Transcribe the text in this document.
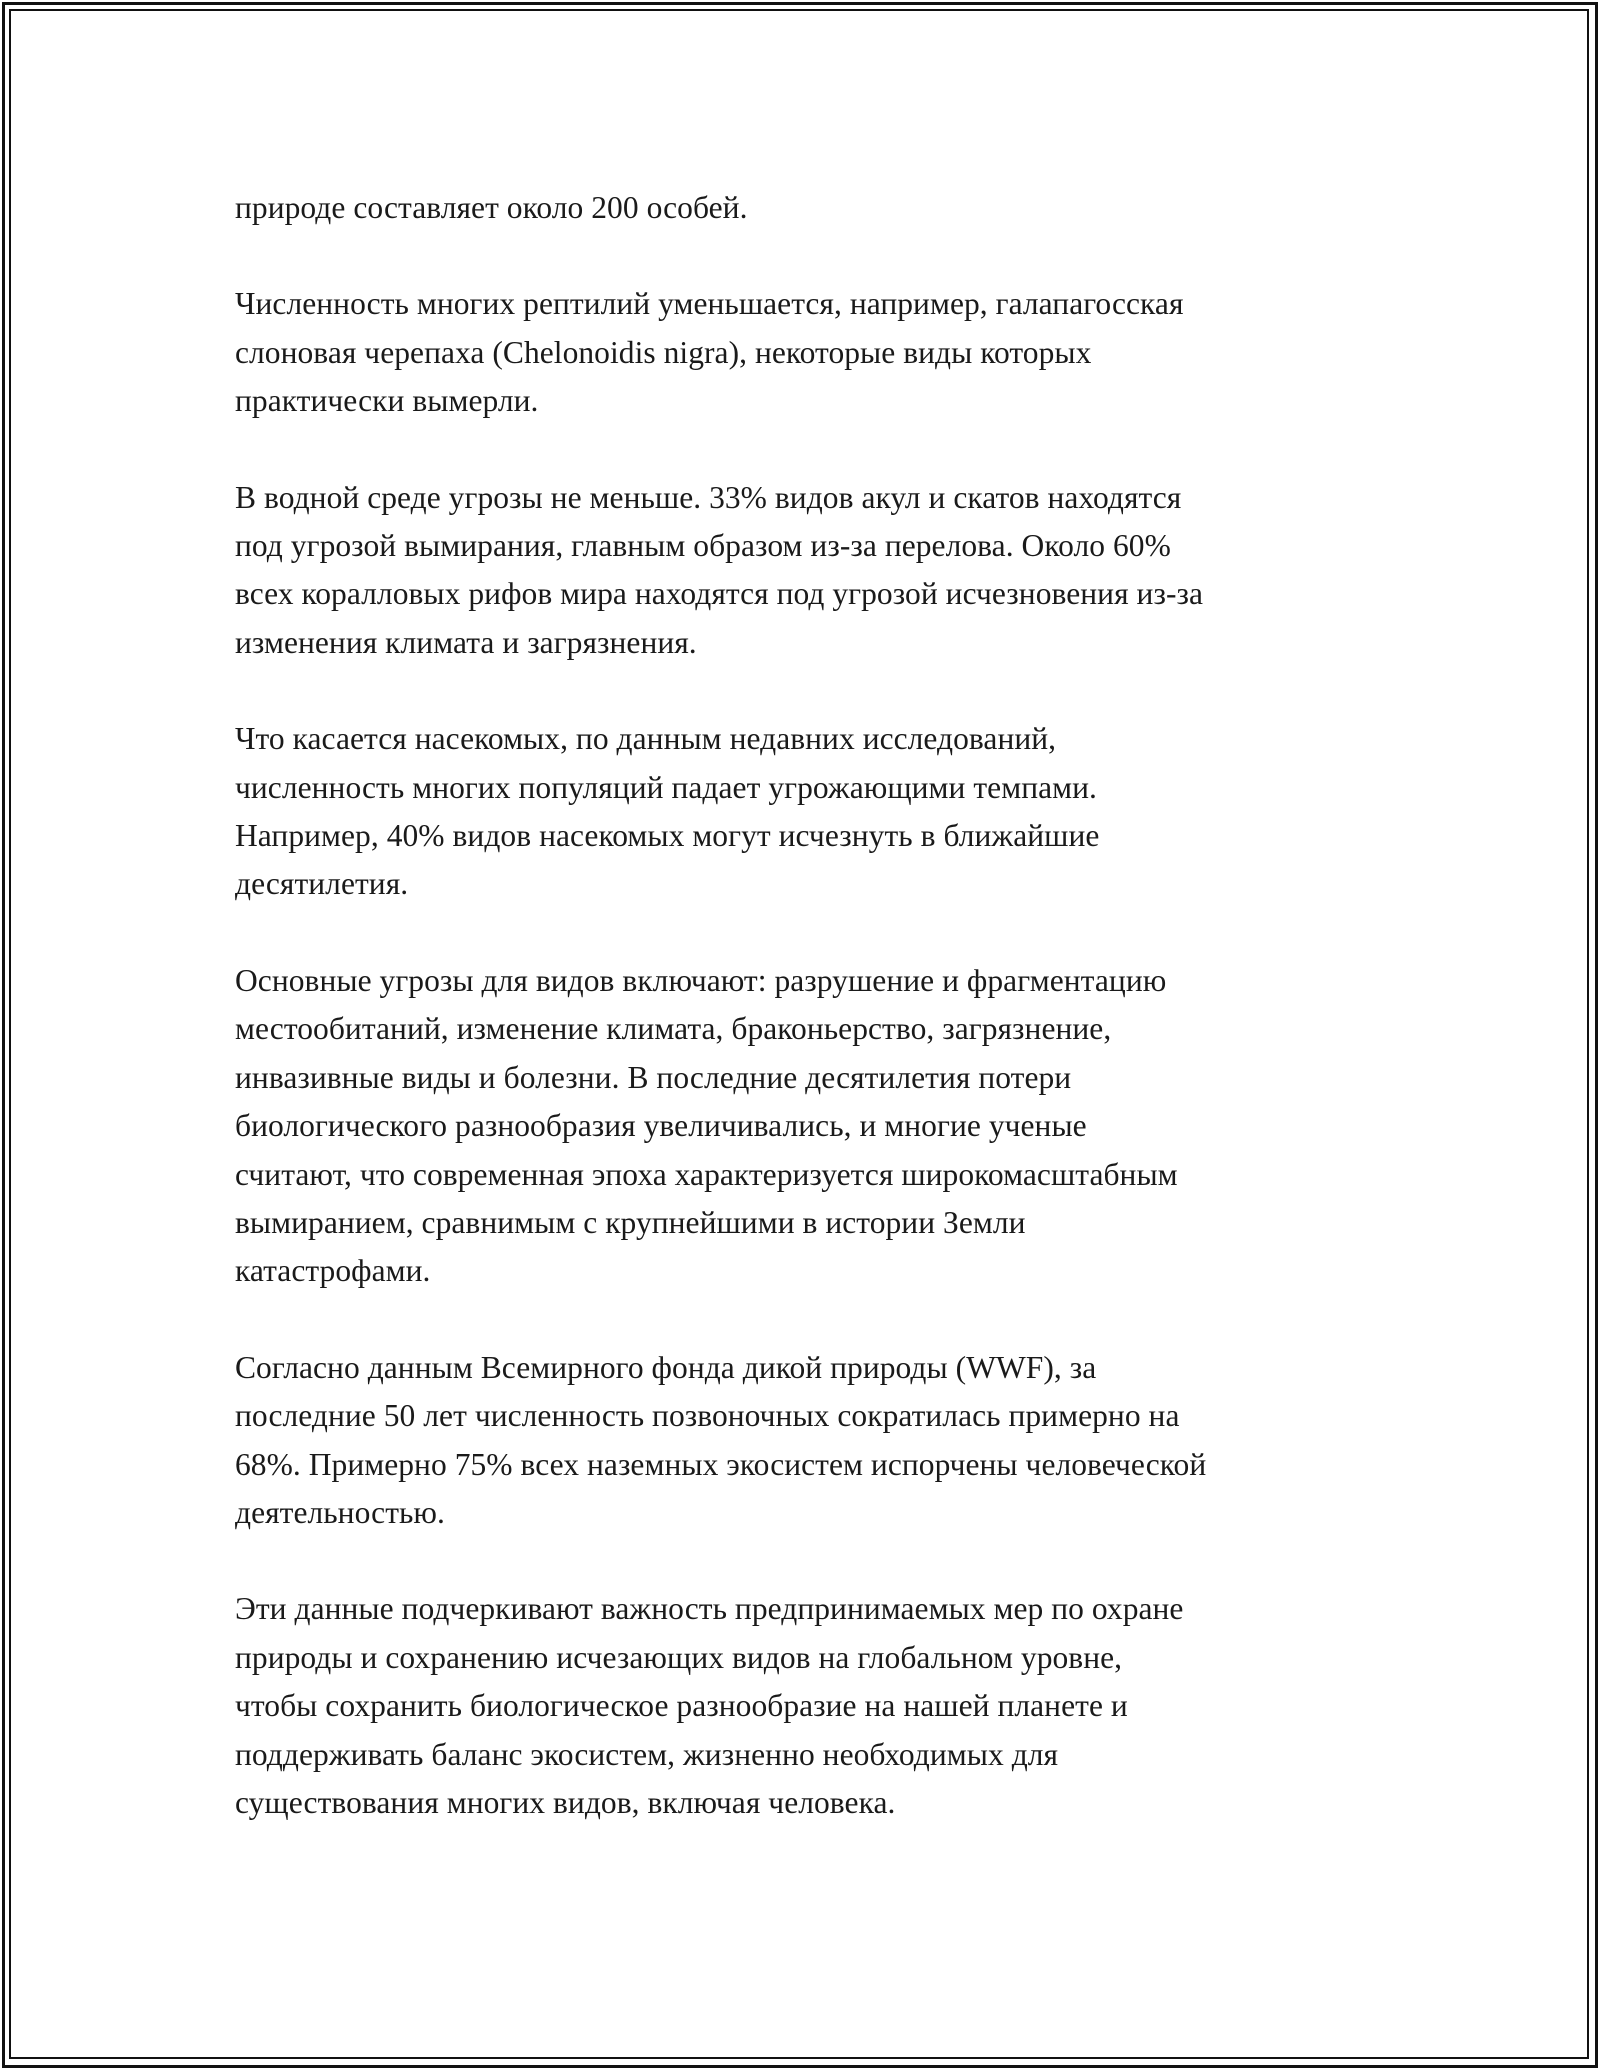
природе составляет около 200 особей.

Численность многих рептилий уменьшается, например, галапагосская
слоновая черепаха (Chelonoidis nigra), некоторые виды которых
практически вымерли.

В водной среде угрозы не меньше. 33% видов акул и скатов находятся
под угрозой вымирания, главным образом из-за перелова. Около 60%
всех коралловых рифов мира находятся под угрозой исчезновения из-за
изменения климата и загрязнения.

Что касается насекомых, по данным недавних исследований,
численность многих популяций падает угрожающими темпами.
Например, 40% видов насекомых могут исчезнуть в ближайшие
десятилетия.

Основные угрозы для видов включают: разрушение и фрагментацию
местообитаний, изменение климата, браконьерство, загрязнение,
инвазивные виды и болезни. В последние десятилетия потери
биологического разнообразия увеличивались, и многие ученые
считают, что современная эпоха характеризуется широкомасштабным
вымиранием, сравнимым с крупнейшими в истории Земли
катастрофами.

Согласно данным Всемирного фонда дикой природы (WWF), за
последние 50 лет численность позвоночных сократилась примерно на
68%. Примерно 75% всех наземных экосистем испорчены человеческой
деятельностью.

Эти данные подчеркивают важность предпринимаемых мер по охране
природы и сохранению исчезающих видов на глобальном уровне,
чтобы сохранить биологическое разнообразие на нашей планете и
поддерживать баланс экосистем, жизненно необходимых для
существования многих видов, включая человека.
